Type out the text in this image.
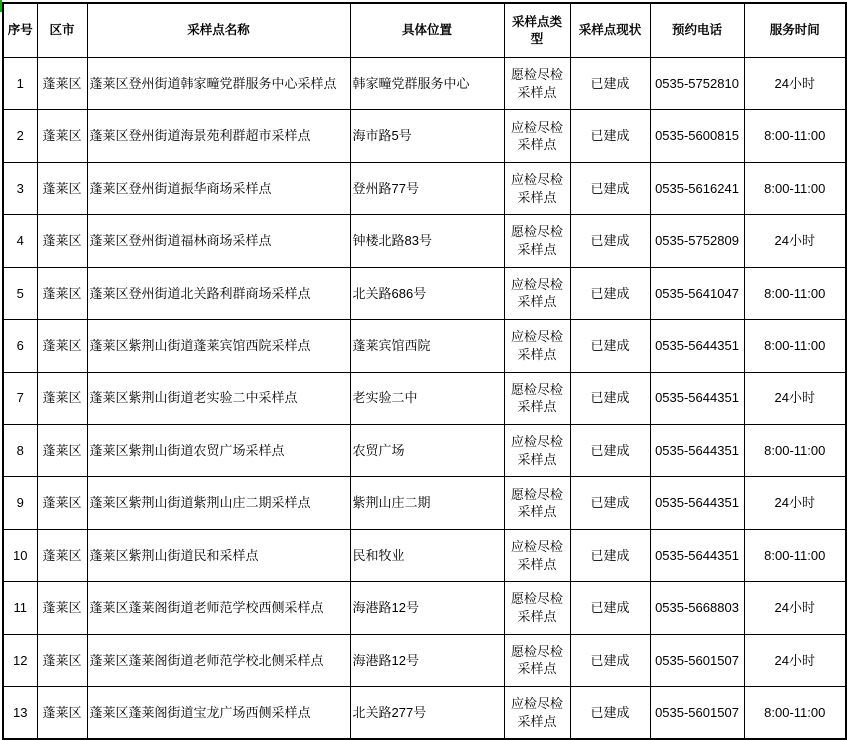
序号	区市	采样点名称	具体位置	采样点类型	采样点现状	预约电话	服务时间
1	蓬莱区	蓬莱区登州街道韩家疃党群服务中心采样点	韩家疃党群服务中心	愿检尽检采样点	已建成	0535-5752810	24小时
2	蓬莱区	蓬莱区登州街道海景苑利群超市采样点	海市路5号	应检尽检采样点	已建成	0535-5600815	8:00-11:00
3	蓬莱区	蓬莱区登州街道振华商场采样点	登州路77号	应检尽检采样点	已建成	0535-5616241	8:00-11:00
4	蓬莱区	蓬莱区登州街道福林商场采样点	钟楼北路83号	愿检尽检采样点	已建成	0535-5752809	24小时
5	蓬莱区	蓬莱区登州街道北关路利群商场采样点	北关路686号	应检尽检采样点	已建成	0535-5641047	8:00-11:00
6	蓬莱区	蓬莱区紫荆山街道蓬莱宾馆西院采样点	蓬莱宾馆西院	应检尽检采样点	已建成	0535-5644351	8:00-11:00
7	蓬莱区	蓬莱区紫荆山街道老实验二中采样点	老实验二中	愿检尽检采样点	已建成	0535-5644351	24小时
8	蓬莱区	蓬莱区紫荆山街道农贸广场采样点	农贸广场	应检尽检采样点	已建成	0535-5644351	8:00-11:00
9	蓬莱区	蓬莱区紫荆山街道紫荆山庄二期采样点	紫荆山庄二期	愿检尽检采样点	已建成	0535-5644351	24小时
10	蓬莱区	蓬莱区紫荆山街道民和采样点	民和牧业	应检尽检采样点	已建成	0535-5644351	8:00-11:00
11	蓬莱区	蓬莱区蓬莱阁街道老师范学校西侧采样点	海港路12号	愿检尽检采样点	已建成	0535-5668803	24小时
12	蓬莱区	蓬莱区蓬莱阁街道老师范学校北侧采样点	海港路12号	愿检尽检采样点	已建成	0535-5601507	24小时
13	蓬莱区	蓬莱区蓬莱阁街道宝龙广场西侧采样点	北关路277号	应检尽检采样点	已建成	0535-5601507	8:00-11:00
